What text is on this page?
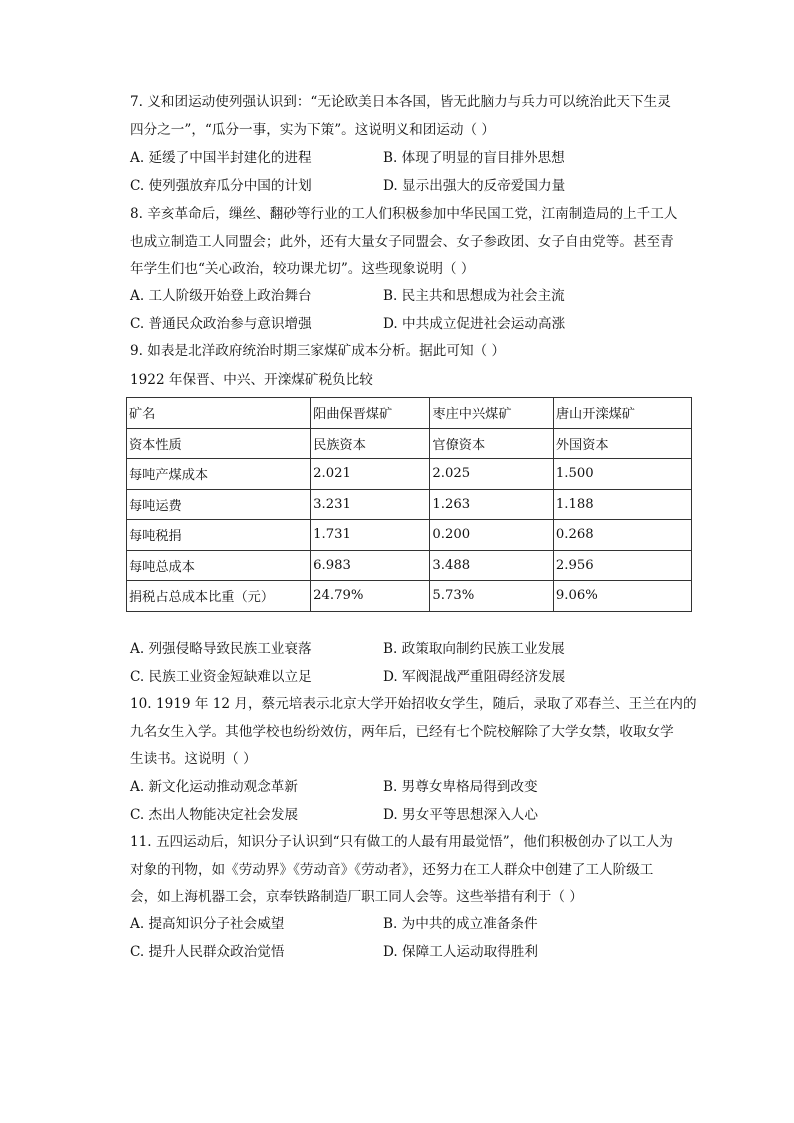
7. 义和团运动使列强认识到：“无论欧美日本各国，皆无此脑力与兵力可以统治此天下生灵

四分之一”，“瓜分一事，实为下策”。这说明义和团运动（ ）

A. 延缓了中国半封建化的进程	B. 体现了明显的盲目排外思想
C. 使列强放弃瓜分中国的计划	D. 显示出强大的反帝爱国力量

8. 辛亥革命后，缫丝、翻砂等行业的工人们积极参加中华民国工党，江南制造局的上千工人

也成立制造工人同盟会；此外，还有大量女子同盟会、女子参政团、女子自由党等。甚至青

年学生们也“关心政治，较功课尤切”。这些现象说明（ ）

A. 工人阶级开始登上政治舞台	B. 民主共和思想成为社会主流
C. 普通民众政治参与意识增强	D. 中共成立促进社会运动高涨

9. 如表是北洋政府统治时期三家煤矿成本分析。据此可知（ ）

1922 年保晋、中兴、开滦煤矿税负比较
矿名	阳曲保晋煤矿	枣庄中兴煤矿	唐山开滦煤矿
资本性质	民族资本	官僚资本	外国资本
每吨产煤成本	2.021	2.025	1.500
每吨运费	3.231	1.263	1.188
每吨税捐	1.731	0.200	0.268
每吨总成本	6.983	3.488	2.956
捐税占总成本比重（元）	24.79%	5.73%	9.06%
A. 列强侵略导致民族工业衰落	B. 政策取向制约民族工业发展
C. 民族工业资金短缺难以立足	D. 军阀混战严重阻碍经济发展

10. 1919 年 12 月，蔡元培表示北京大学开始招收女学生，随后，录取了邓春兰、王兰在内的

九名女生入学。其他学校也纷纷效仿，两年后，已经有七个院校解除了大学女禁，收取女学

生读书。这说明（ ）

A. 新文化运动推动观念革新	B. 男尊女卑格局得到改变
C. 杰出人物能决定社会发展	D. 男女平等思想深入人心

11. 五四运动后，知识分子认识到“只有做工的人最有用最觉悟”，他们积极创办了以工人为

对象的刊物，如《劳动界》《劳动音》《劳动者》，还努力在工人群众中创建了工人阶级工

会，如上海机器工会，京奉铁路制造厂职工同人会等。这些举措有利于（ ）

A. 提高知识分子社会威望	B. 为中共的成立准备条件
C. 提升人民群众政治觉悟	D. 保障工人运动取得胜利
